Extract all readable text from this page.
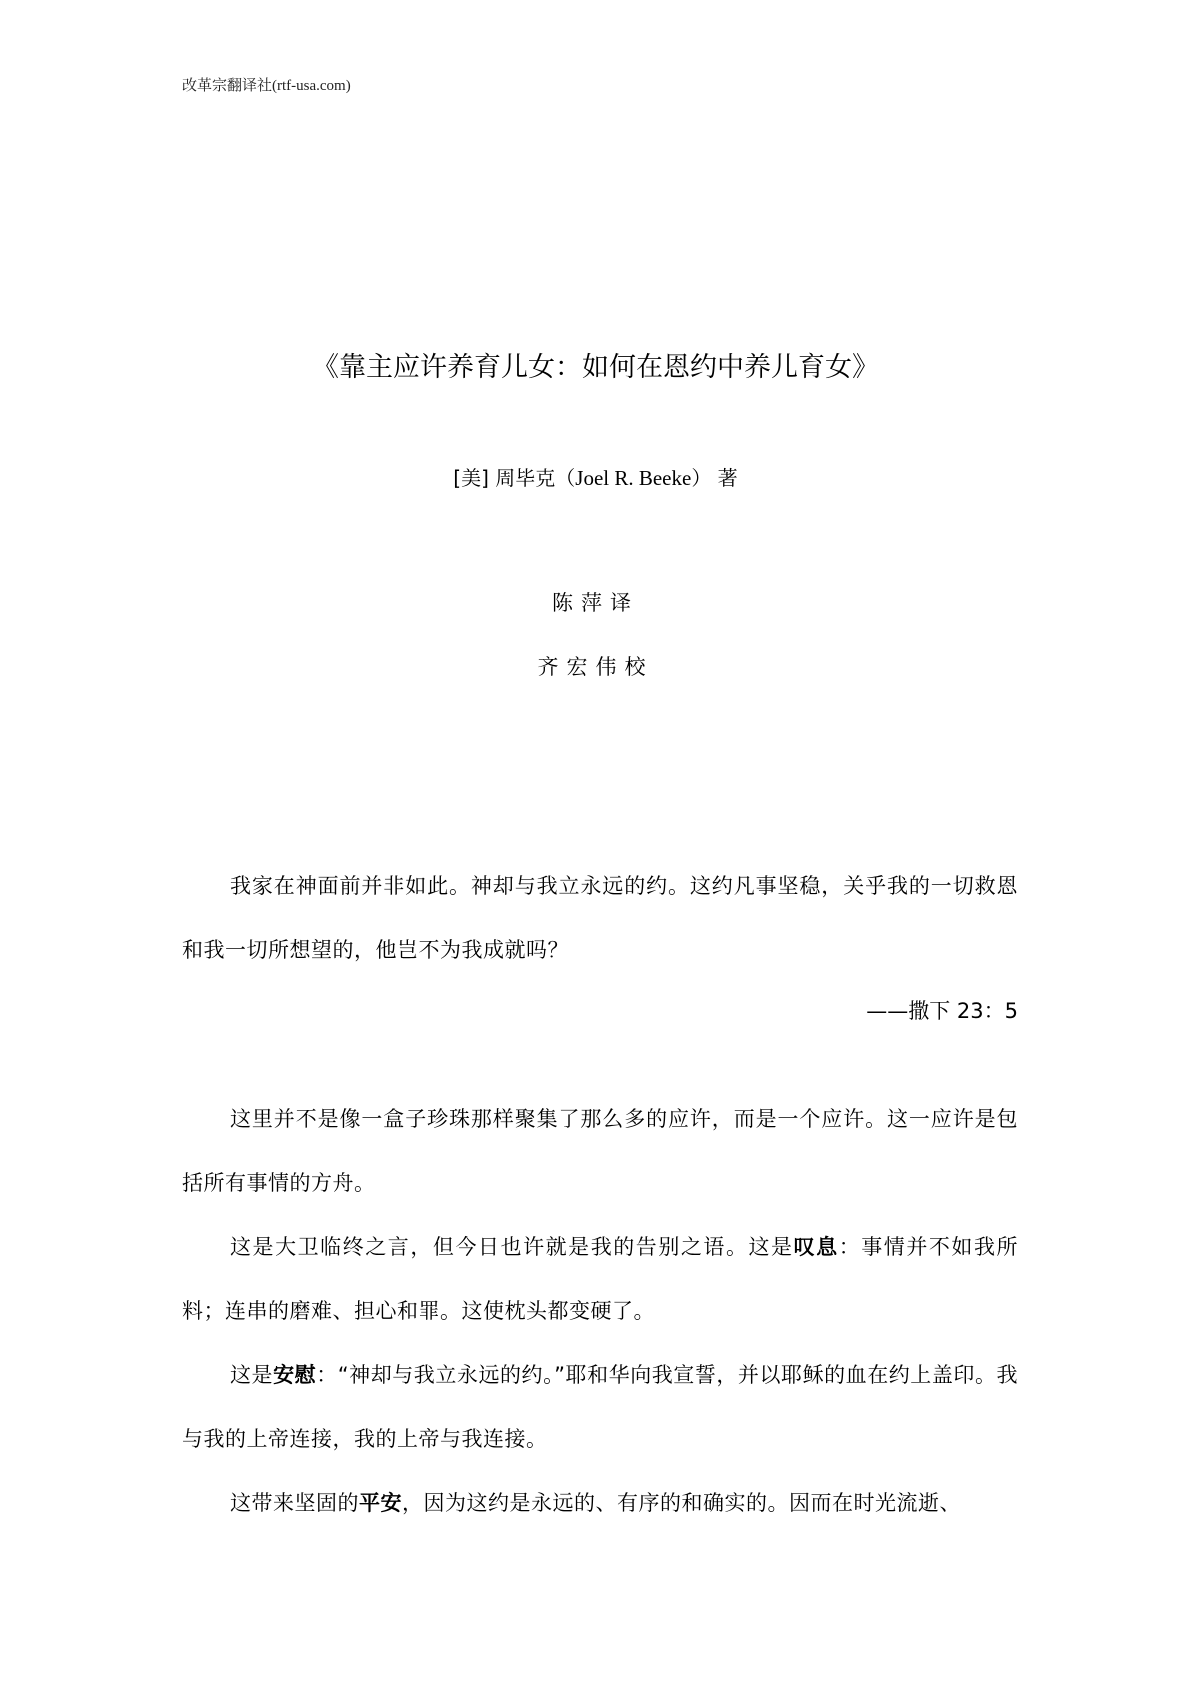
改革宗翻译社(rtf-usa.com)
《靠主应许养育儿女：如何在恩约中养儿育女》
[美] 周毕克（Joel R. Beeke） 著
陈萍译
齐宏伟校

我家在神面前并非如此。神却与我立永远的约。这约凡事坚稳，关乎我的一切救恩和我一切所想望的，他岂不为我成就吗？

——撒下 23：5

这里并不是像一盒子珍珠那样聚集了那么多的应许，而是一个应许。这一应许是包括所有事情的方舟。

这是大卫临终之言，但今日也许就是我的告别之语。这是叹息：事情并不如我所料；连串的磨难、担心和罪。这使枕头都变硬了。

这是安慰：“神却与我立永远的约。”耶和华向我宣誓，并以耶稣的血在约上盖印。我与我的上帝连接，我的上帝与我连接。

这带来坚固的平安，因为这约是永远的、有序的和确实的。因而在时光流逝、
